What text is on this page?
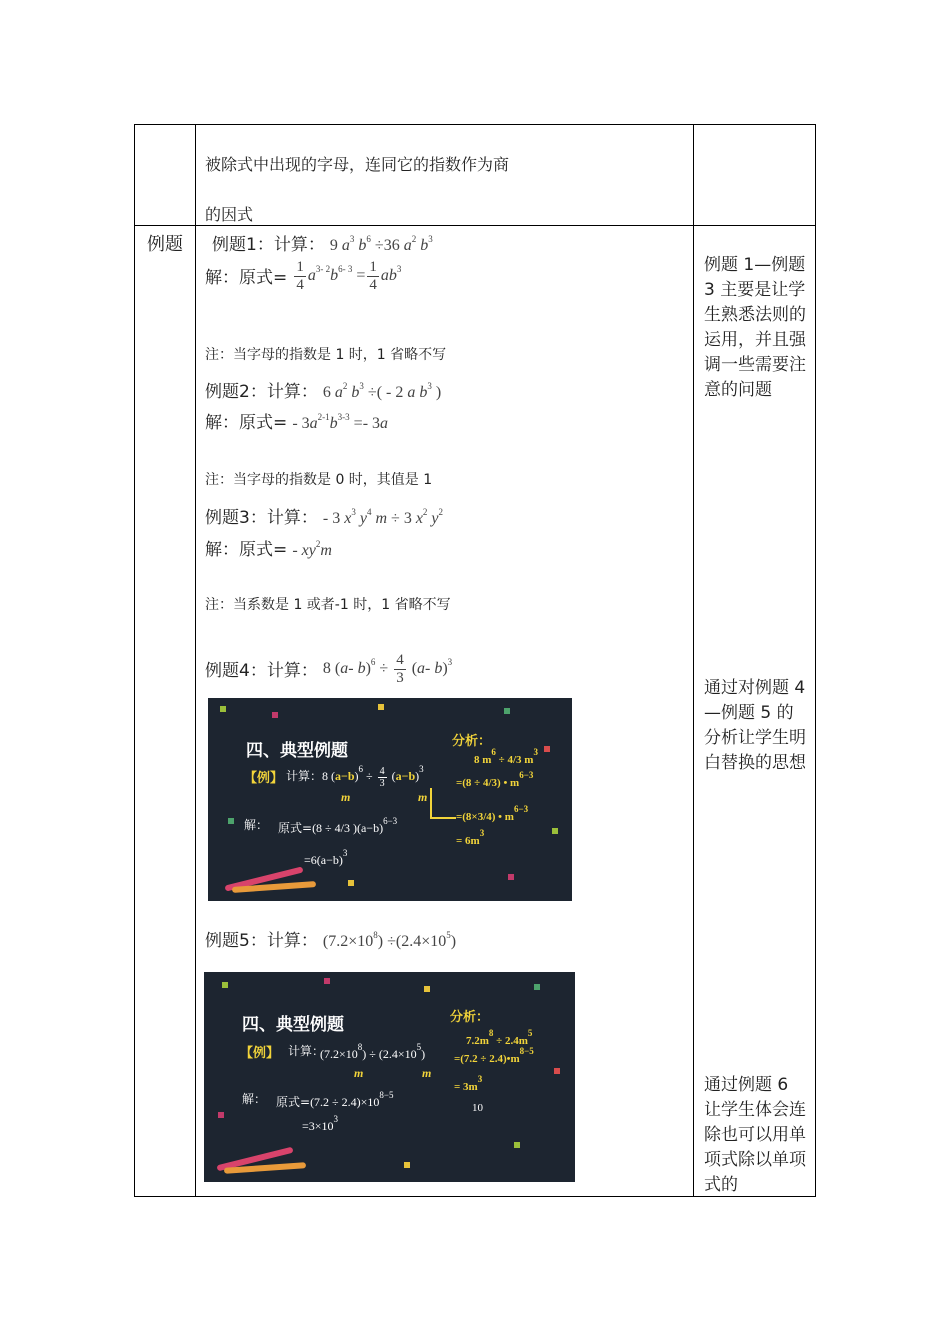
被除式中出现的字母，连同它的指数作为商
的因式
例题 例题1：计算： 9 $a^3$ $b^6 \div 36$ $a^2$ $b^3$
解：原式= $\frac{1}{4} a^{3- 2}b^{6- 3} = \frac{1}{4} ab^3$
注：当字母的指数是 1 时，1 省略不写
例题2：计算： 6 $a^2$ $b^3$ ÷( - 2 a $b^3$ )
解：原式= - $3a^{2-1}b^{3-3} =- 3a$
注：当字母的指数是 0 时，其值是 1
例题3：计算： - 3 $x^3$ $y^4$ m ÷ 3 $x^2$ $y^2$
解：原式= - $xy^2m$
注：当系数是 1 或者-1 时，1 省略不写
例题4：计算： 8 (a- $b)^6 \div \frac{4}{3} (a-$ b)$^3$
四、典型例题
【例】 计算： 8 $(a-b)^6 \div \frac{4}{3} (a-b)^3$
m	m
分析：
8 $m^6 \div 4/3$ $m^3$
=(8 ÷ 4/3) • $m^{6-3}$
=(8×3/4) • $m^{6-3}$
= $6m^3$
解： 原式=(8 ÷ 4/3 )$(a-b)^{6-3}$
$=6(a-b)^3$
例题5：计算： $(7.2\times 10^8) \div(2.4\times 10^5)$
四、典型例题
【例】 计算：
$(7.2\times 10^8) \div (2.4\times 10^5)$
m	m
分析：
$7.2m^8 \div 2.4m^5$
$=(7.2 \div 2.4)•m^{8-5}$
= $3m^3$
10
解： 原式$=(7.2 \div 2.4)\times 10^{8-5}$
$=3\times 10^3$
例题 1—例题 3 主要是让学生熟悉法则的运用，并且强调一些需要注意的问题
通过对例题 4—例题 5 的分析让学生明白替换的思想
通过例题 6 让学生体会连除也可以用单项式除以单项式的
